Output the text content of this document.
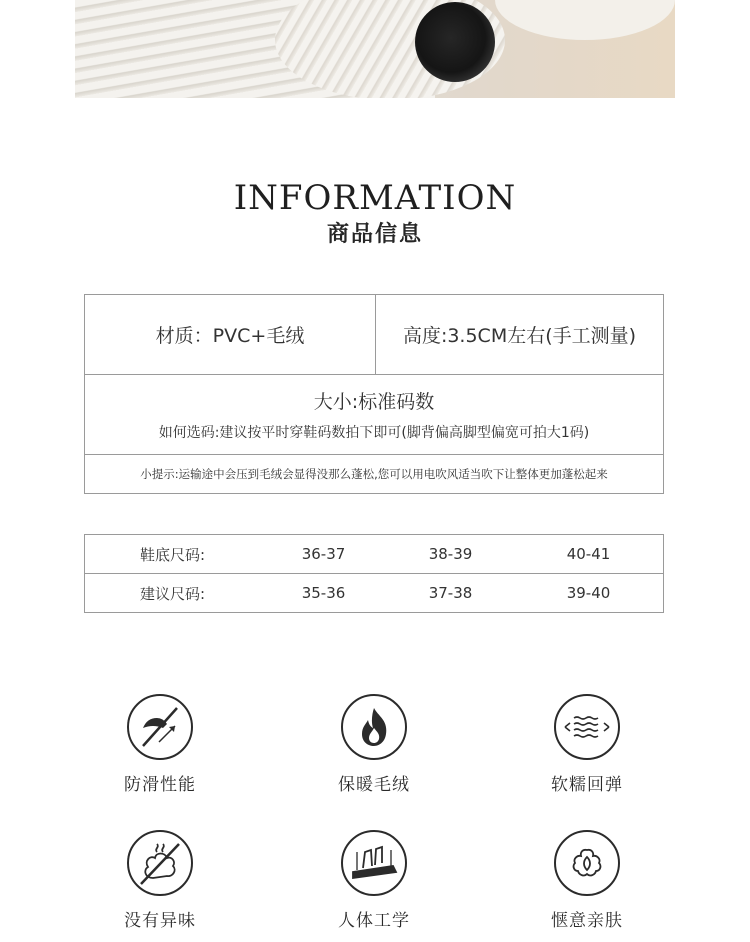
INFORMATION
商品信息
材质：PVC+毛绒	高度:3.5CM左右(手工测量)

大小:标准码数
如何选码:建议按平时穿鞋码数拍下即可(脚背偏高脚型偏宽可拍大1码)

小提示:运输途中会压到毛绒会显得没那么蓬松,您可以用电吹风适当吹下让整体更加蓬松起来
鞋底尺码:	36-37	38-39	40-41
建议尺码:	35-36	37-38	39-40
防滑性能	保暖毛绒	软糯回弹
没有异味	人体工学	惬意亲肤
